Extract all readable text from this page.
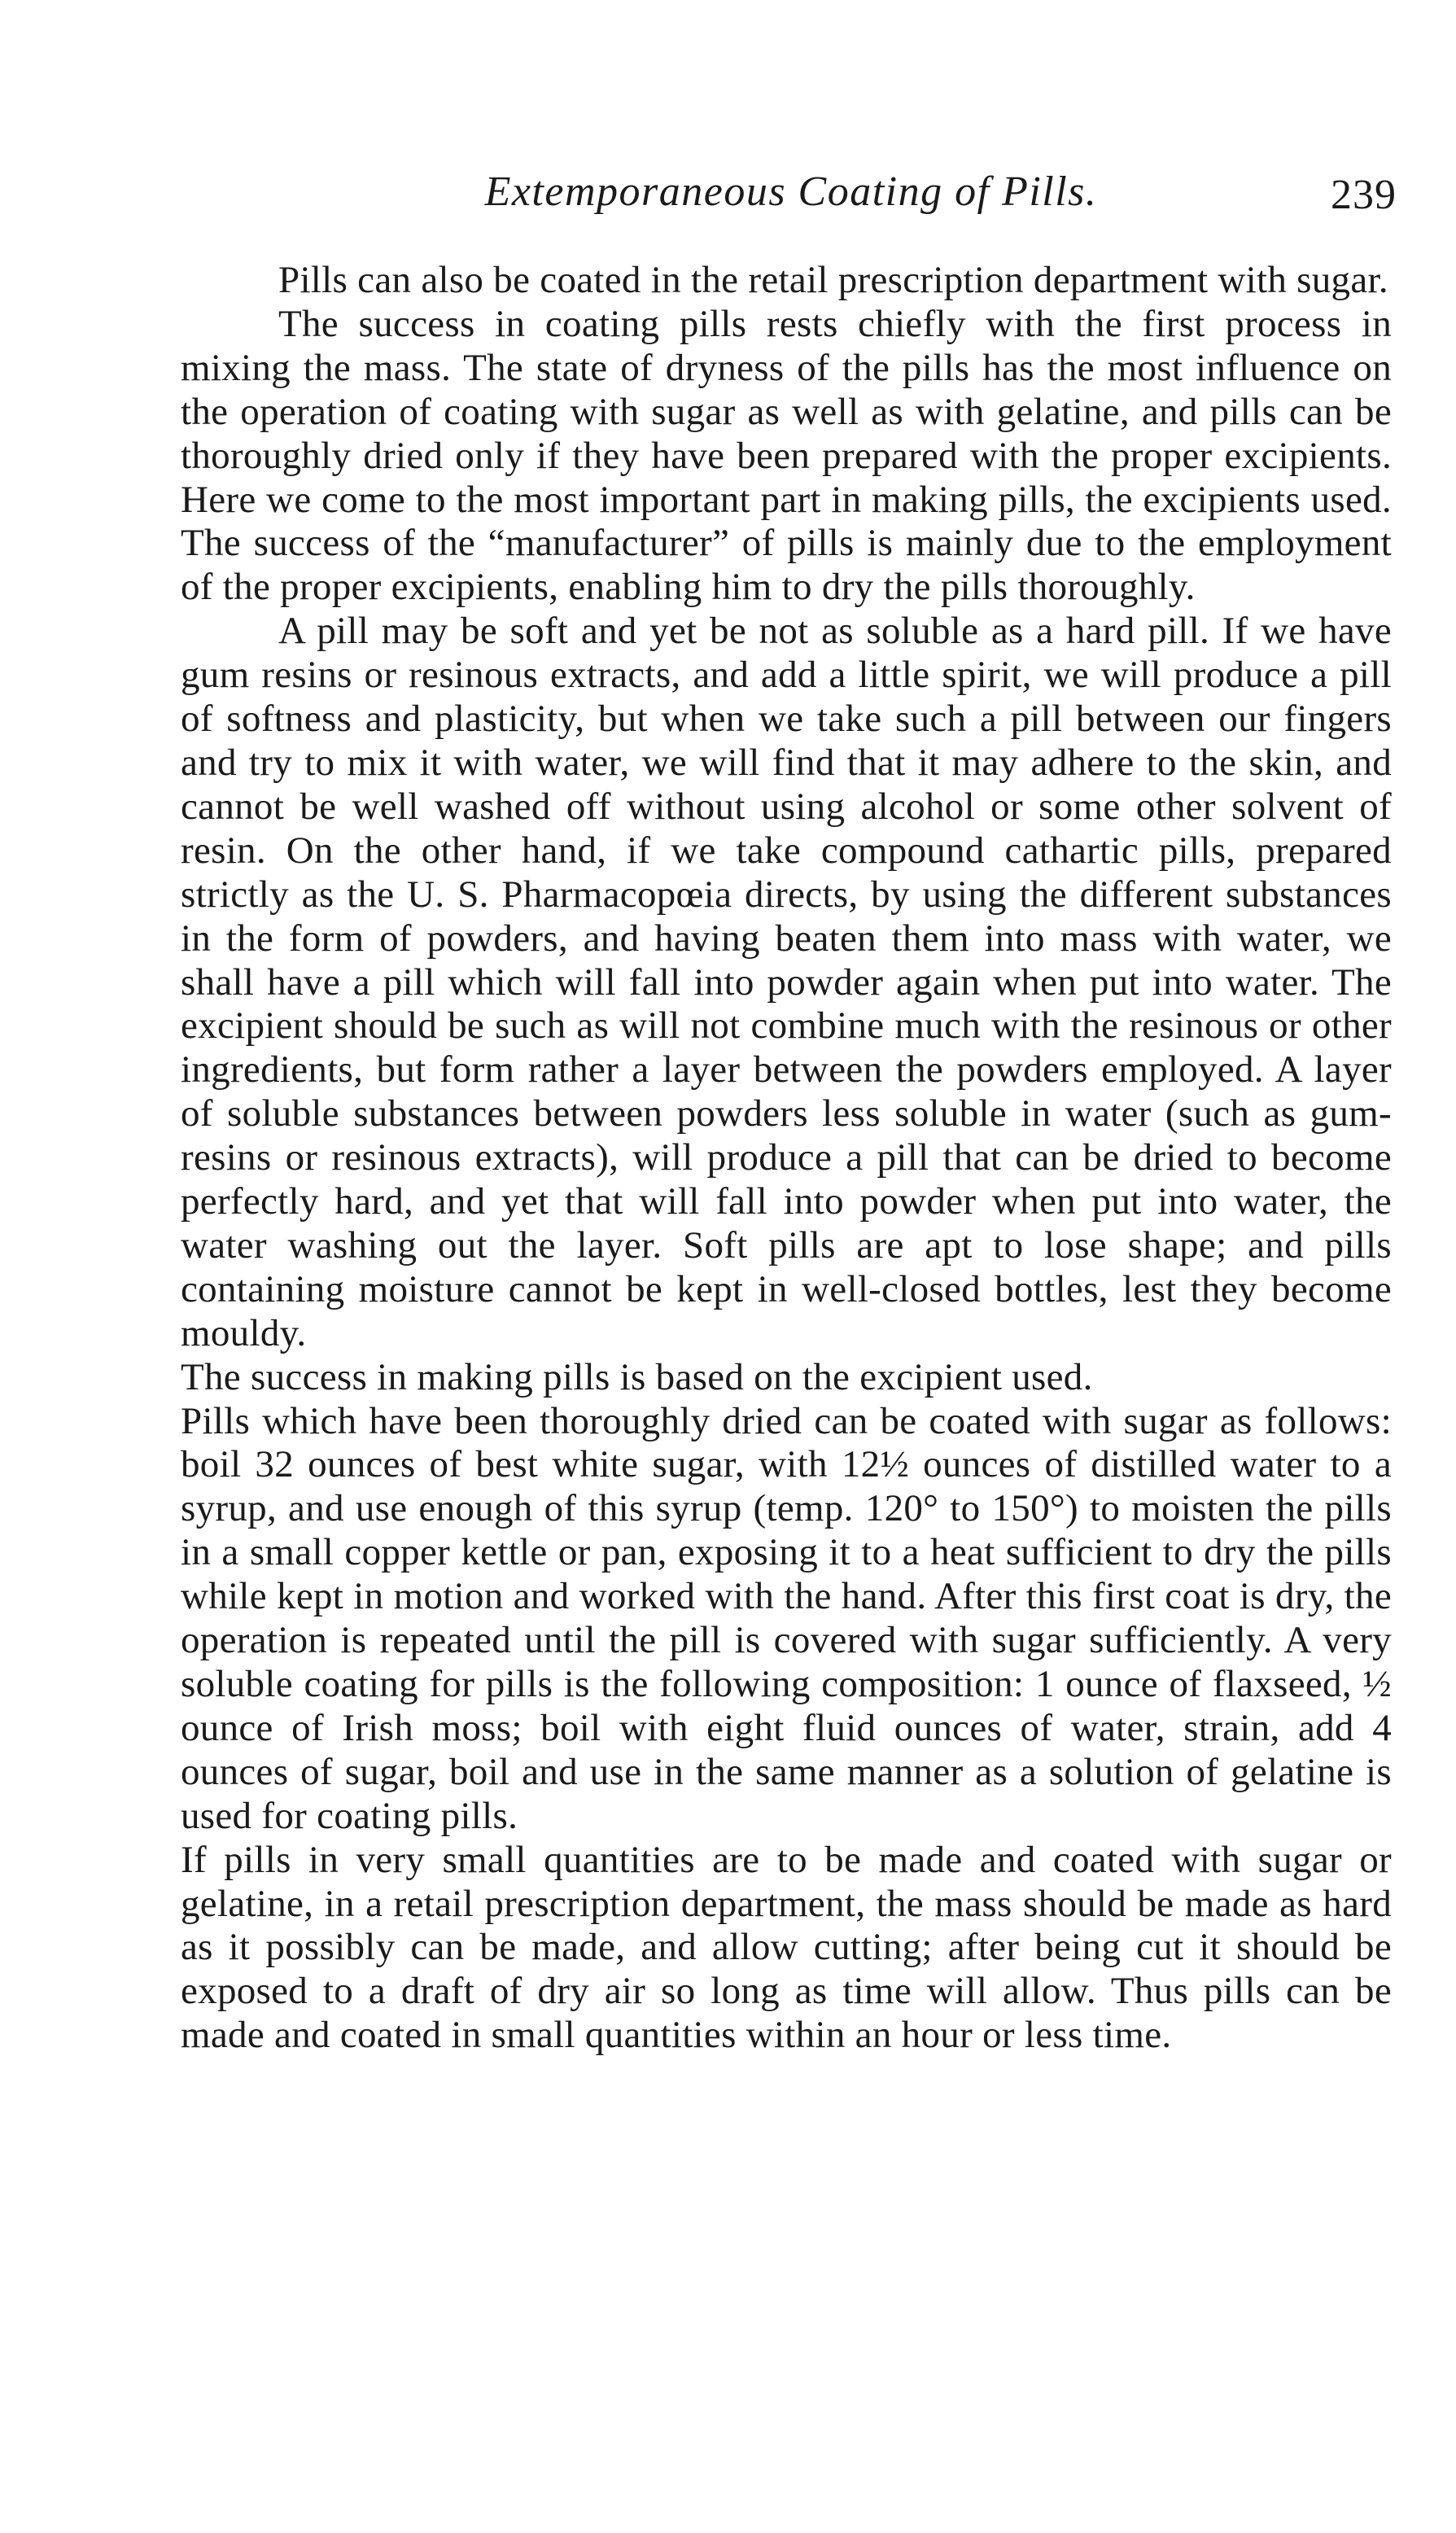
Extemporaneous Coating of Pills.	239

Pills can also be coated in the retail prescription department with sugar.

The success in coating pills rests chiefly with the first process in mixing the mass. The state of dryness of the pills has the most influence on the operation of coating with sugar as well as with gelatine, and pills can be thoroughly dried only if they have been prepared with the proper excipients. Here we come to the most important part in making pills, the excipients used. The success of the “manufacturer” of pills is mainly due to the employment of the proper excipients, enabling him to dry the pills thoroughly.

A pill may be soft and yet be not as soluble as a hard pill. If we have gum resins or resinous extracts, and add a little spirit, we will produce a pill of softness and plasticity, but when we take such a pill between our fingers and try to mix it with water, we will find that it may adhere to the skin, and cannot be well washed off without using alcohol or some other solvent of resin. On the other hand, if we take compound cathartic pills, prepared strictly as the U. S. Pharmacopœia directs, by using the different substances in the form of powders, and having beaten them into mass with water, we shall have a pill which will fall into powder again when put into water. The excipient should be such as will not combine much with the resinous or other ingredients, but form rather a layer between the powders employed. A layer of soluble substances between powders less soluble in water (such as gum-resins or resinous extracts), will produce a pill that can be dried to become perfectly hard, and yet that will fall into powder when put into water, the water washing out the layer. Soft pills are apt to lose shape; and pills containing moisture cannot be kept in well-closed bottles, lest they become mouldy.

The success in making pills is based on the excipient used.

Pills which have been thoroughly dried can be coated with sugar as follows: boil 32 ounces of best white sugar, with 12½ ounces of distilled water to a syrup, and use enough of this syrup (temp. 120° to 150°) to moisten the pills in a small copper kettle or pan, exposing it to a heat sufficient to dry the pills while kept in motion and worked with the hand. After this first coat is dry, the operation is repeated until the pill is covered with sugar sufficiently. A very soluble coating for pills is the following composition: 1 ounce of flaxseed, ½ ounce of Irish moss; boil with eight fluid ounces of water, strain, add 4 ounces of sugar, boil and use in the same manner as a solution of gelatine is used for coating pills.

If pills in very small quantities are to be made and coated with sugar or gelatine, in a retail prescription department, the mass should be made as hard as it possibly can be made, and allow cutting; after being cut it should be exposed to a draft of dry air so long as time will allow. Thus pills can be made and coated in small quantities within an hour or less time.
